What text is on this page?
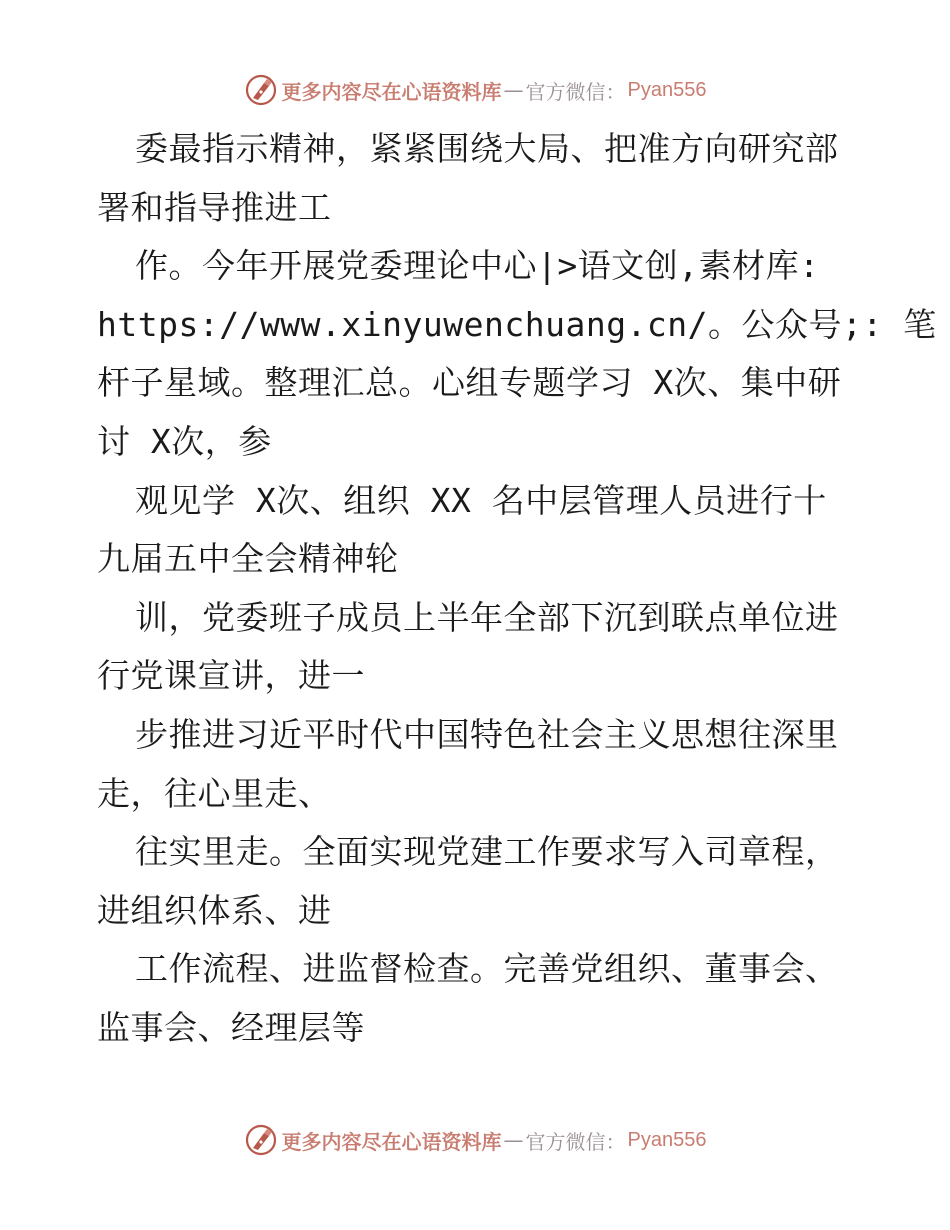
更多内容尽在心语资料库 — 官方微信： Pyan556
委最指示精神，紧紧围绕大局、把准方向研究部
署和指导推进工
作。今年开展党委理论中心|>语文创,素材库:
https://www.xinyuwenchuang.cn/。公众号;: 笔
杆子星域。整理汇总。心组专题学习 X次、集中研
讨 X次，参
观见学 X次、组织 XX 名中层管理人员进行十
九届五中全会精神轮
训，党委班子成员上半年全部下沉到联点单位进
行党课宣讲，进一
步推进习近平时代中国特色社会主义思想往深里
走，往心里走、
往实里走。全面实现党建工作要求写入司章程，
进组织体系、进
工作流程、进监督检查。完善党组织、董事会、
监事会、经理层等
更多内容尽在心语资料库 — 官方微信： Pyan556
